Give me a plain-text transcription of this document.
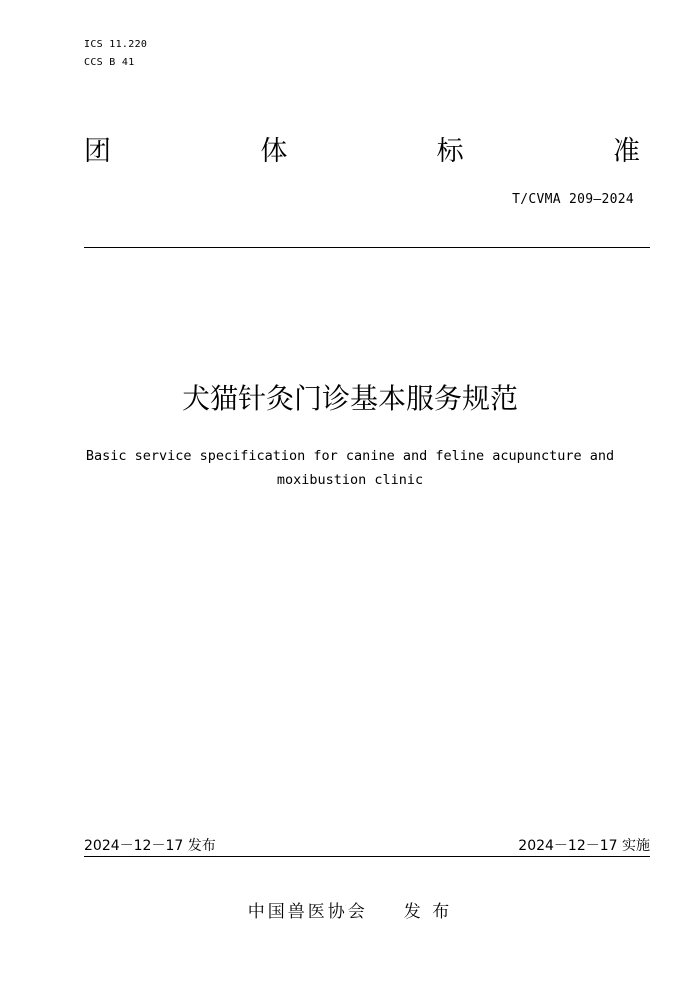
ICS 11.220
CCS B 41
团	体	标	准
T/CVMA 209—2024
犬猫针灸门诊基本服务规范
Basic service specification for canine and feline acupuncture and
moxibustion clinic
2024－12－17 发布	2024－12－17 实施
中国兽医协会 发 布
